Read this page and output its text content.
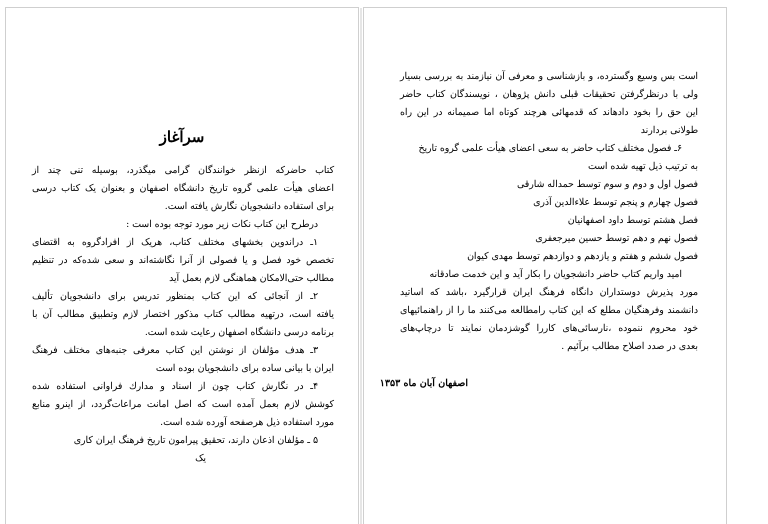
سرآغاز
کتاب حاضرکه ازنظر خوانندگان گرامی میگذرد، بوسیله تنی چند از
اعضای هیأت علمی گروه تاریخ دانشگاه اصفهان و بعنوان یک کتاب درسی
برای استفاده دانشجویان نگارش یافته است.
درطرح این کتاب نکات زیر مورد توجه بوده است :
۱ـ دراندوین بخشهای مختلف کتاب، هریک از افرادگروه به اقتضای
تخصص خود فصل و یا فصولی از آنرا نگاشته‌اند و سعی شده‌که در تنظیم
مطالب حتی‌الامکان هماهنگی لازم بعمل آید
۲ـ از آنجائی که این کتاب بمنظور تدریس برای دانشجویان تألیف
یافته است، درتهیه مطالب کتاب مذکور اختصار لازم وتطبیق مطالب آن با
برنامه درسی دانشگاه اصفهان رعایت شده است.
۳ـ هدف مؤلفان از نوشتن این کتاب معرفی جنبه‌های مختلف فرهنگ
ایران با بیانی ساده برای دانشجویان بوده است
۴ـ در نگارش کتاب چون از اسناد و مدارك فراوانی استفاده شده
کوشش لازم بعمل آمده است که اصل امانت مراعات‌گردد، از اینرو منابع
مورد استفاده ذیل هرصفحه آورده شده است.
۵ ـ مؤلفان اذعان دارند، تحقیق پیرامون تاریخ فرهنگ ایران کاری
یک
است بس وسیع وگسترده، و بازشناسی و معرفی آن نیازمند به بررسی بسیار
ولی با درنظرگرفتن تحقیقات قبلی دانش پژوهان ، نویسندگان کتاب حاضر
این حق را بخود دادهاند که قدمهائی هرچند کوتاه اما صمیمانه در این راه
طولانی بردارند
۶ـ فصول مختلف کتاب حاضر به سعی اعضای هیأت علمی گروه تاریخ
به ترتیب ذیل تهیه شده است
فصول اول و دوم و سوم توسط حمداله شارقی
فصول چهارم و پنجم توسط علاءالدین آذری
فصل هشتم توسط داود اصفهانیان
فصول نهم و دهم توسط حسین میرجعفری
فصول ششم و هفتم و یازدهم و دوازدهم توسط مهدی کیوان
امید واریم کتاب حاضر دانشجویان را بکار آید و این خدمت صادقانه
مورد پذیرش دوستداران دانگاه فرهنگ ایران قرارگیرد ،باشد که اساتید
دانشمند وفرهنگیان مطلع که این کتاب رامطالعه می‌کنند ما را از راهنمائیهای
خود محروم ننموده ،نارسائی‌های کاررا گوشزدمان نمایند تا درچاپ‌های
بعدی در صدد اصلاح مطالب برآئیم .
اصفهان آبان ماه ۱۳۵۳
